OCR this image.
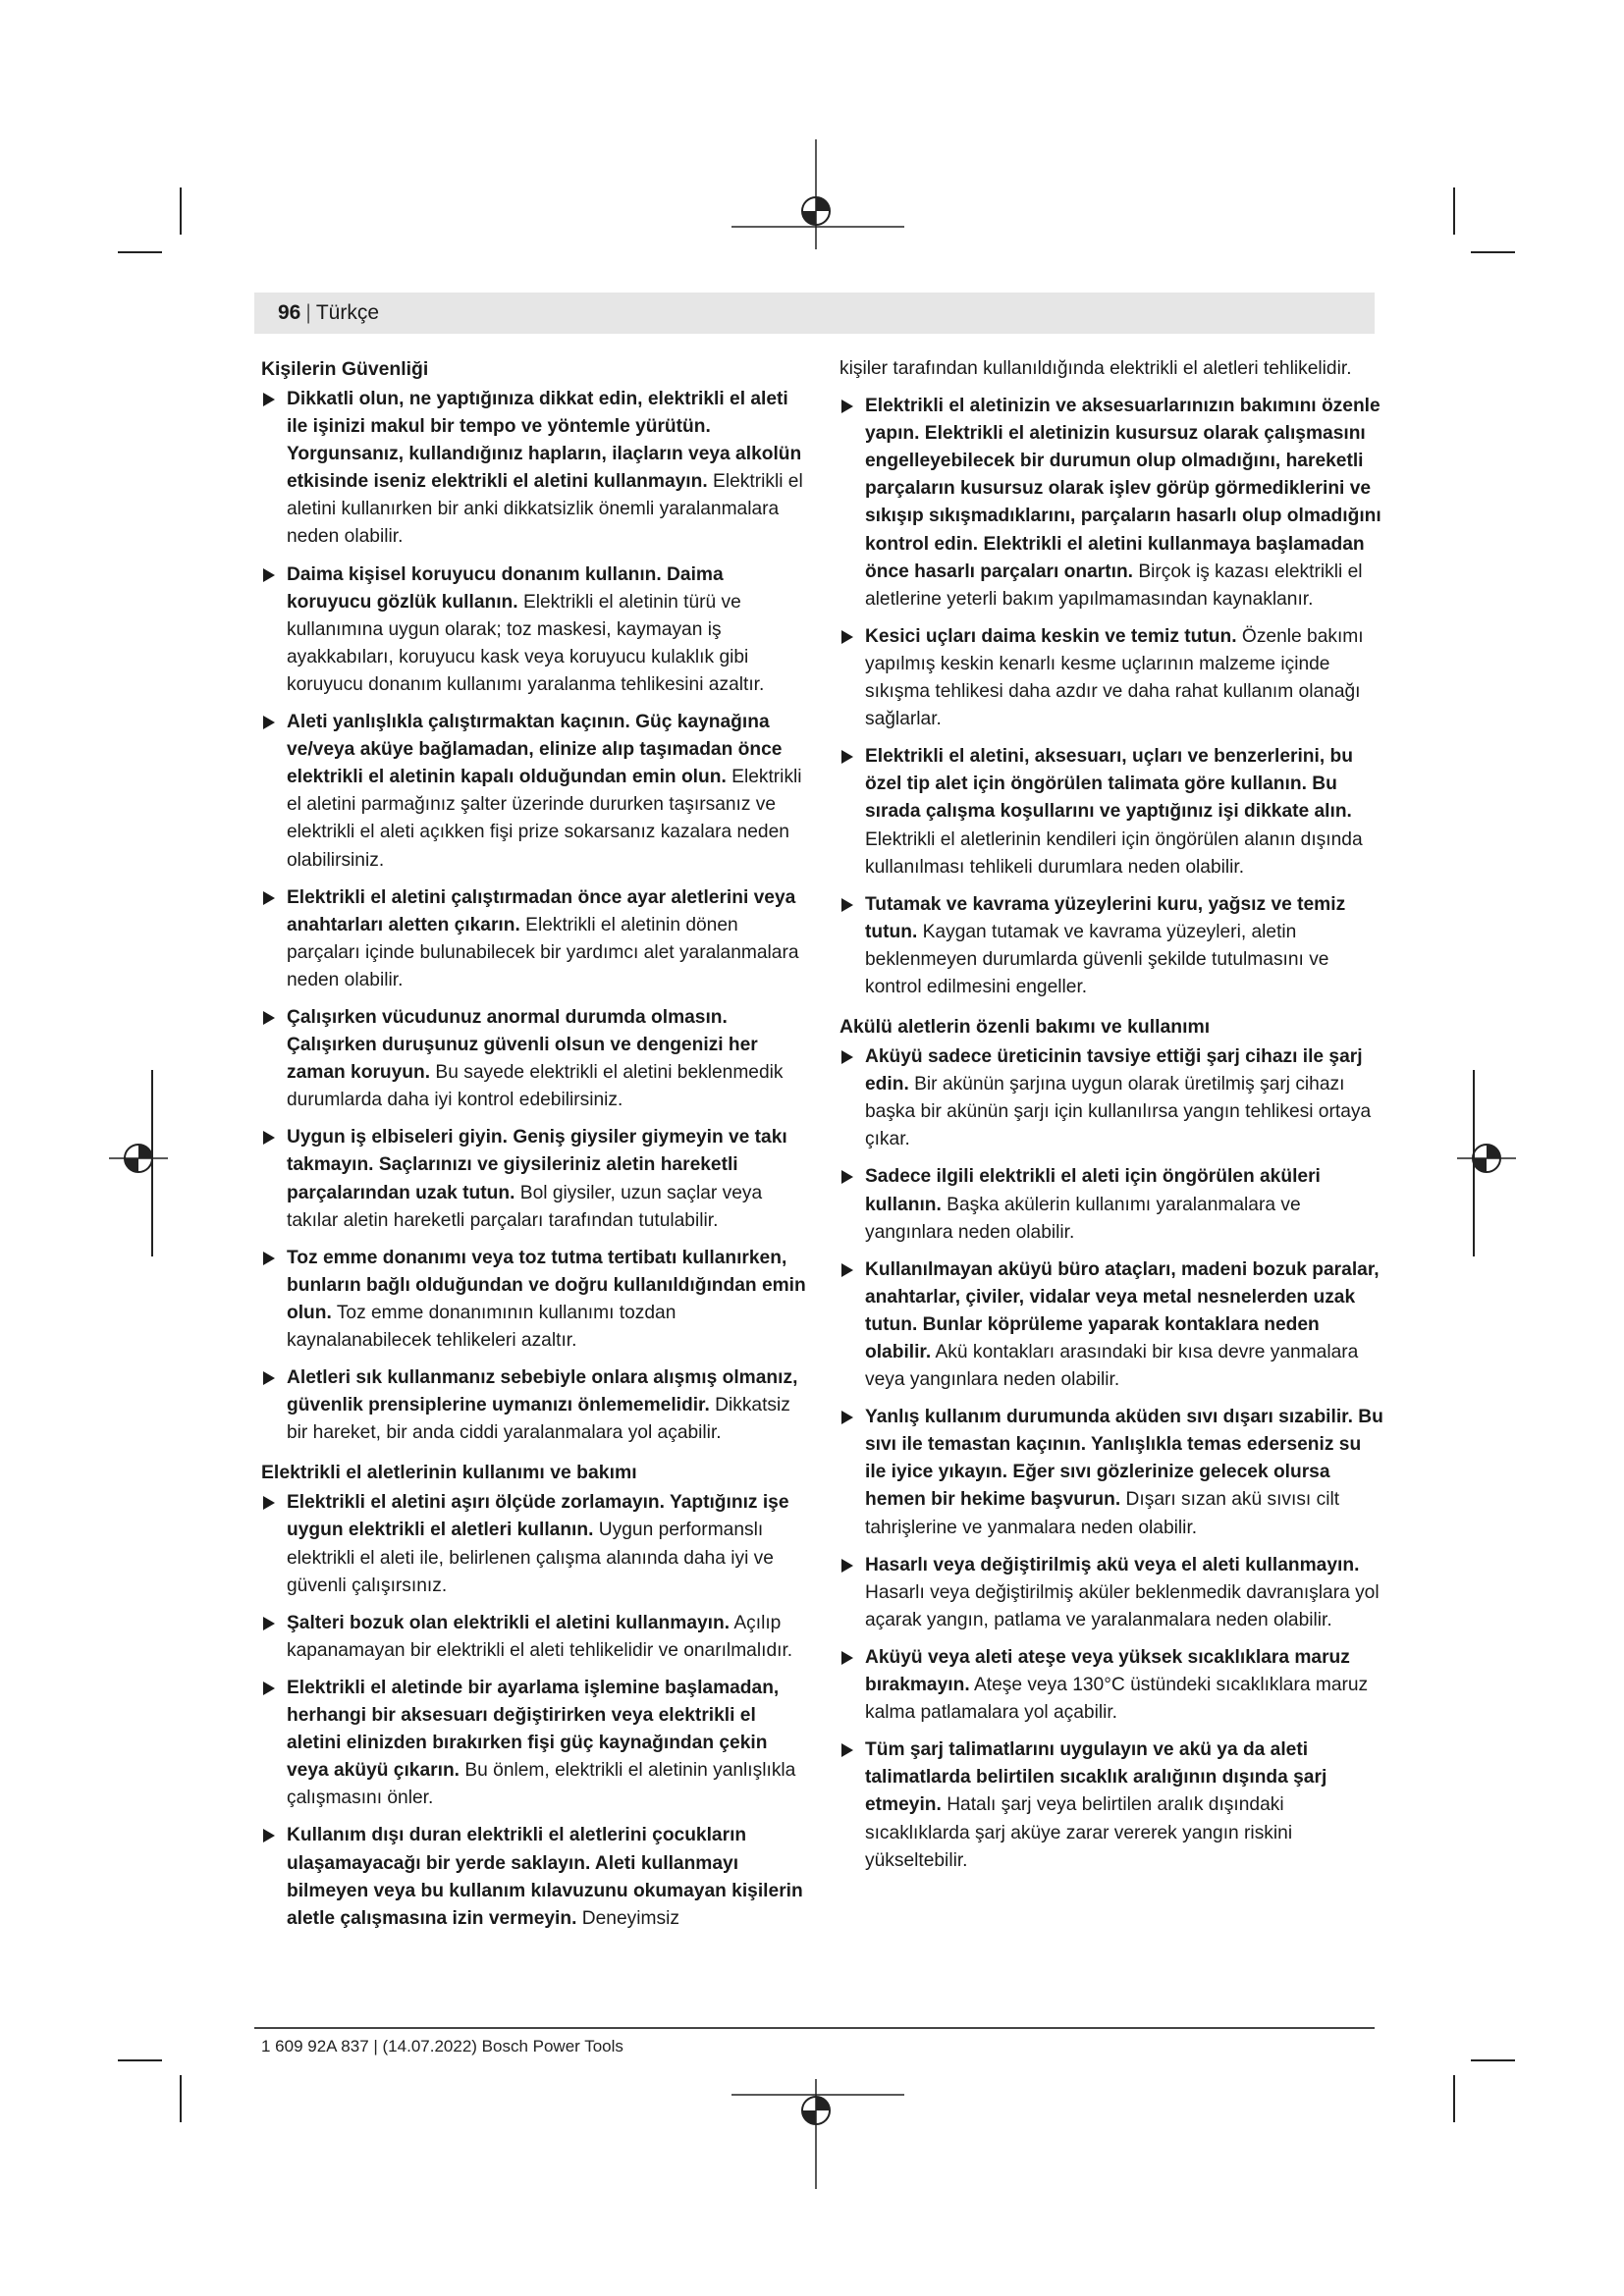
96 | Türkçe
Kişilerin Güvenliği
Dikkatli olun, ne yaptığınıza dikkat edin, elektrikli el aleti ile işinizi makul bir tempo ve yöntemle yürütün. Yorgunsanız, kullandığınız hapların, ilaçların veya alkolün etkisinde iseniz elektrikli el aletini kullanmayın. Elektrikli el aletini kullanırken bir anki dikkatsizlik önemli yaralanmalara neden olabilir.
Daima kişisel koruyucu donanım kullanın. Daima koruyucu gözlük kullanın. Elektrikli el aletinin türü ve kullanımına uygun olarak; toz maskesi, kaymayan iş ayakkabıları, koruyucu kask veya koruyucu kulaklık gibi koruyucu donanım kullanımı yaralanma tehlikesini azaltır.
Aleti yanlışlıkla çalıştırmaktan kaçının. Güç kaynağına ve/veya aküye bağlamadan, elinize alıp taşımadan önce elektrikli el aletinin kapalı olduğundan emin olun. Elektrikli el aletini parmağınız şalter üzerinde dururken taşırsanız ve elektrikli el aleti açıkken fişi prize sokarsanız kazalara neden olabilirsiniz.
Elektrikli el aletini çalıştırmadan önce ayar aletlerini veya anahtarları aletten çıkarın. Elektrikli el aletinin dönen parçaları içinde bulunabilecek bir yardımcı alet yaralanmalara neden olabilir.
Çalışırken vücudunuz anormal durumda olmasın. Çalışırken duruşunuz güvenli olsun ve dengenizi her zaman koruyun. Bu sayede elektrikli el aletini beklenmedik durumlarda daha iyi kontrol edebilirsiniz.
Uygun iş elbiseleri giyin. Geniş giysiler giymeyin ve takı takmayın. Saçlarınızı ve giysileriniz aletin hareketli parçalarından uzak tutun. Bol giysiler, uzun saçlar veya takılar aletin hareketli parçaları tarafından tutulabilir.
Toz emme donanımı veya toz tutma tertibatı kullanırken, bunların bağlı olduğundan ve doğru kullanıldığından emin olun. Toz emme donanımının kullanımı tozdan kaynalanabilecek tehlikeleri azaltır.
Aletleri sık kullanmanız sebebiyle onlara alışmış olmanız, güvenlik prensiplerine uymanızı önlememelidir. Dikkatsiz bir hareket, bir anda ciddi yaralanmalara yol açabilir.
Elektrikli el aletlerinin kullanımı ve bakımı
Elektrikli el aletini aşırı ölçüde zorlamayın. Yaptığınız işe uygun elektrikli el aletleri kullanın. Uygun performanslı elektrikli el aleti ile, belirlenen çalışma alanında daha iyi ve güvenli çalışırsınız.
Şalteri bozuk olan elektrikli el aletini kullanmayın. Açılıp kapanamayan bir elektrikli el aleti tehlikelidir ve onarılmalıdır.
Elektrikli el aletinde bir ayarlama işlemine başlamadan, herhangi bir aksesuarı değiştirirken veya elektrikli el aletini elinizden bırakırken fişi güç kaynağından çekin veya aküyü çıkarın. Bu önlem, elektrikli el aletinin yanlışlıkla çalışmasını önler.
Kullanım dışı duran elektrikli el aletlerini çocukların ulaşamayacağı bir yerde saklayın. Aleti kullanmayı bilmeyen veya bu kullanım kılavuzunu okumayan kişilerin aletle çalışmasına izin vermeyin. Deneyimsiz
kişiler tarafından kullanıldığında elektrikli el aletleri tehlikelidir.
Elektrikli el aletinizin ve aksesuarlarınızın bakımını özenle yapın. Elektrikli el aletinizin kusursuz olarak çalışmasını engelleyebilecek bir durumun olup olmadığını, hareketli parçaların kusursuz olarak işlev görüp görmediklerini ve sıkışıp sıkışmadıklarını, parçaların hasarlı olup olmadığını kontrol edin. Elektrikli el aletini kullanmaya başlamadan önce hasarlı parçaları onartın. Birçok iş kazası elektrikli el aletlerine yeterli bakım yapılmamasından kaynaklanır.
Kesici uçları daima keskin ve temiz tutun. Özenle bakımı yapılmış keskin kenarlı kesme uçlarının malzeme içinde sıkışma tehlikesi daha azdır ve daha rahat kullanım olanağı sağlarlar.
Elektrikli el aletini, aksesuarı, uçları ve benzerlerini, bu özel tip alet için öngörülen talimata göre kullanın. Bu sırada çalışma koşullarını ve yaptığınız işi dikkate alın. Elektrikli el aletlerinin kendileri için öngörülen alanın dışında kullanılması tehlikeli durumlara neden olabilir.
Tutamak ve kavrama yüzeylerini kuru, yağsız ve temiz tutun. Kaygan tutamak ve kavrama yüzeyleri, aletin beklenmeyen durumlarda güvenli şekilde tutulmasını ve kontrol edilmesini engeller.
Akülü aletlerin özenli bakımı ve kullanımı
Aküyü sadece üreticinin tavsiye ettiği şarj cihazı ile şarj edin. Bir akünün şarjına uygun olarak üretilmiş şarj cihazı başka bir akünün şarjı için kullanılırsa yangın tehlikesi ortaya çıkar.
Sadece ilgili elektrikli el aleti için öngörülen aküleri kullanın. Başka akülerin kullanımı yaralanmalara ve yangınlara neden olabilir.
Kullanılmayan aküyü büro ataçları, madeni bozuk paralar, anahtarlar, çiviler, vidalar veya metal nesnelerden uzak tutun. Bunlar köprüleme yaparak kontaklara neden olabilir. Akü kontakları arasındaki bir kısa devre yanmalara veya yangınlara neden olabilir.
Yanlış kullanım durumunda aküden sıvı dışarı sızabilir. Bu sıvı ile temastan kaçının. Yanlışlıkla temas ederseniz su ile iyice yıkayın. Eğer sıvı gözlerinize gelecek olursa hemen bir hekime başvurun. Dışarı sızan akü sıvısı cilt tahrişlerine ve yanmalara neden olabilir.
Hasarlı veya değiştirilmiş akü veya el aleti kullanmayın. Hasarlı veya değiştirilmiş aküler beklenmedik davranışlara yol açarak yangın, patlama ve yaralanmalara neden olabilir.
Aküyü veya aleti ateşe veya yüksek sıcaklıklara maruz bırakmayın. Ateşe veya 130°C üstündeki sıcaklıklara maruz kalma patlamalara yol açabilir.
Tüm şarj talimatlarını uygulayın ve akü ya da aleti talimatlarda belirtilen sıcaklık aralığının dışında şarj etmeyin. Hatalı şarj veya belirtilen aralık dışındaki sıcaklıklarda şarj aküye zarar vererek yangın riskini yükseltebilir.
1 609 92A 837 | (14.07.2022) Bosch Power Tools
